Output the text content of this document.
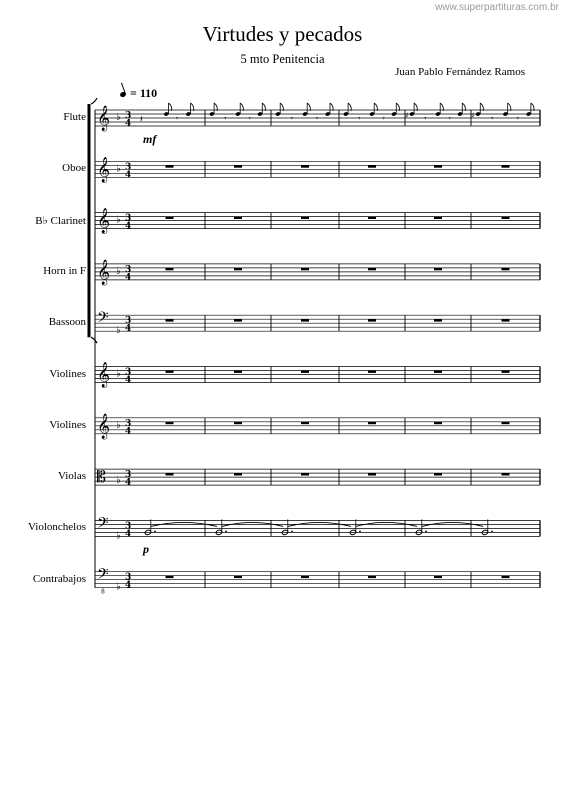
www.superpartituras.com.br
Virtudes y pecados
5 mto Penitencia
Juan Pablo Fernández Ramos
= 110
Flute
Oboe
B♭ Clarinet
Horn in F
Bassoon
Violines
Violines
Violas
Violonchelos
Contrabajos
𝄞 ♭ 3
4 𝄽	𝄾	𝄾	𝄾	𝄾	𝄾	𝄾	𝄾	♯ 𝄾	𝄾	♯ 𝄾	𝄾
𝄞 ♭ 3
4
𝄞 ♭ 3
4
𝄞 ♭ 3
4
𝄢
♭
3
4
𝄞 ♭ 3
4
𝄞 ♭ 3
4
𝄡 ♭ 3
4
𝄢
♭
3
4
𝄢
8 ♭
3
4
mf
p
